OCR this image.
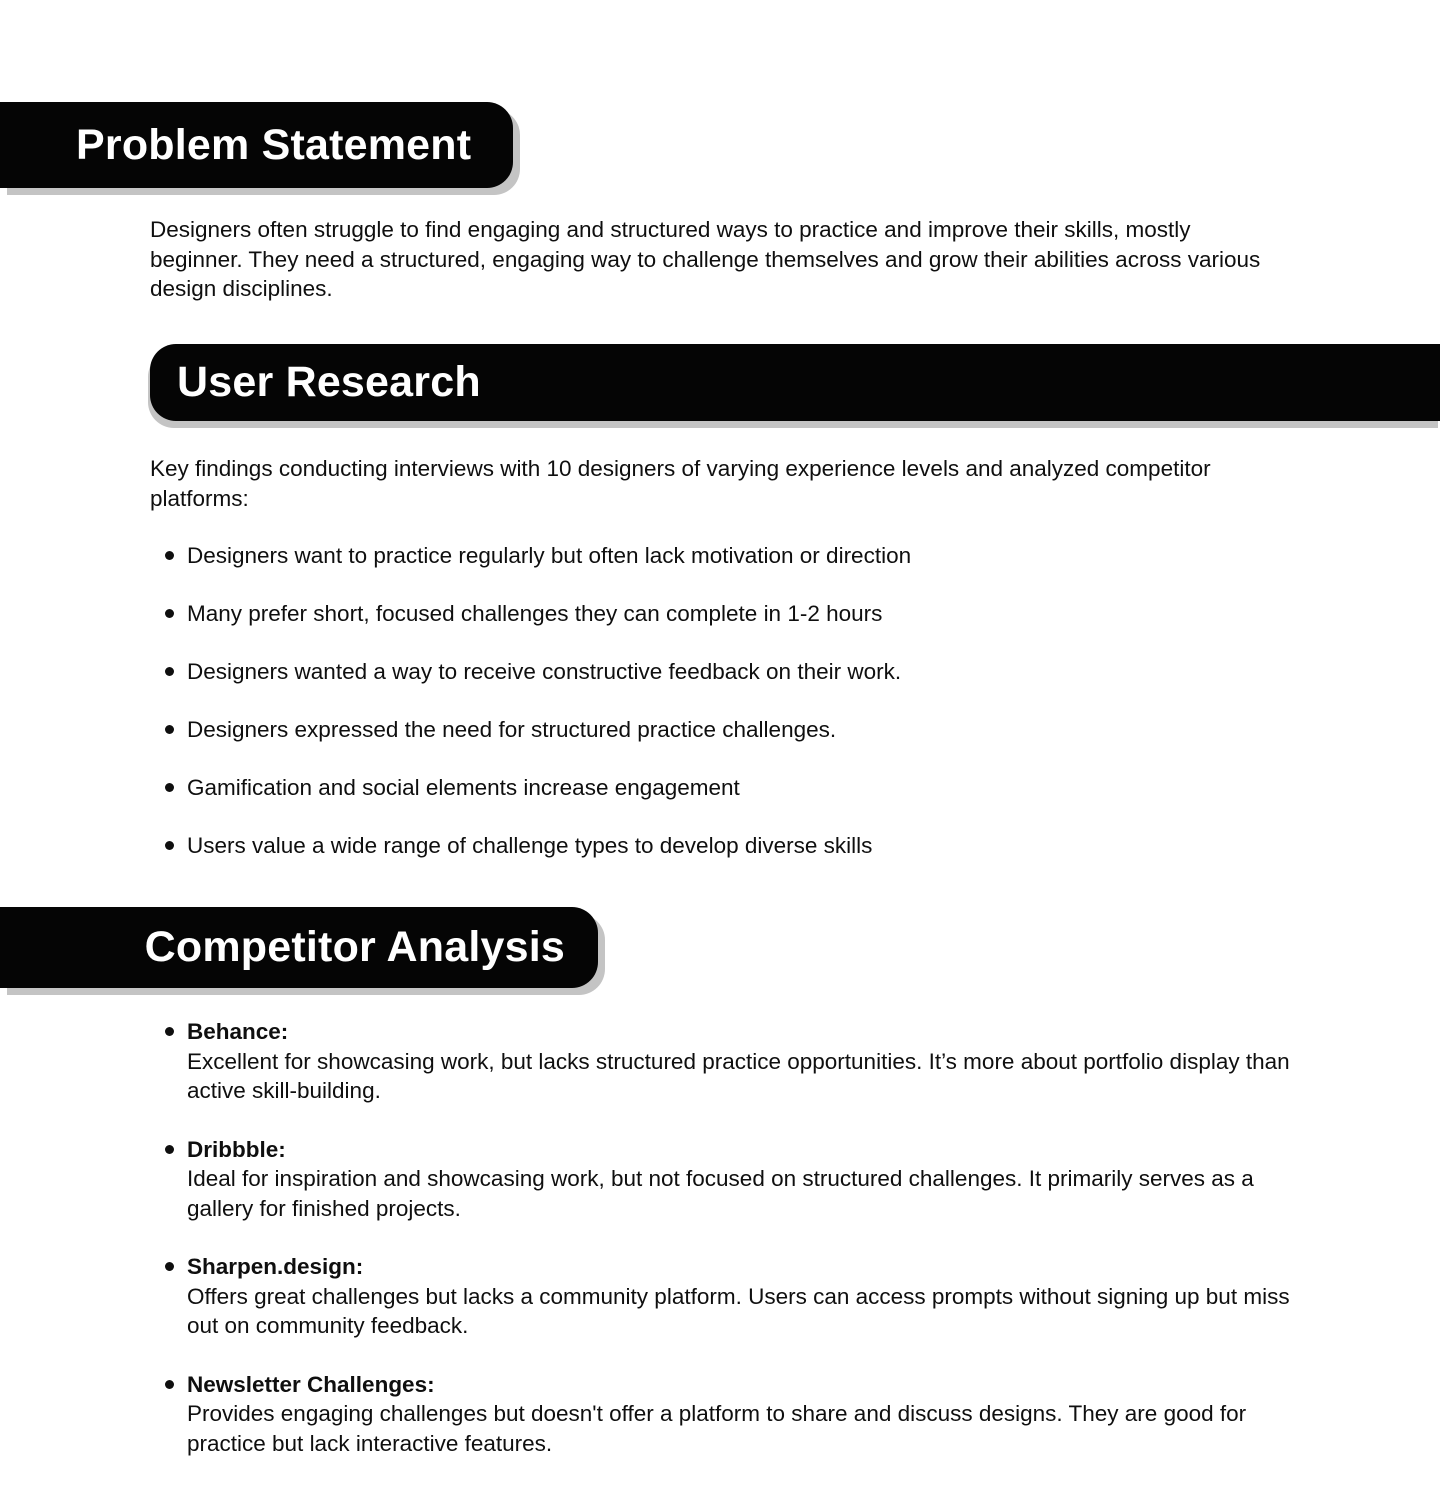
Problem Statement

Designers often struggle to find engaging and structured ways to practice and improve their skills, mostly beginner. They need a structured, engaging way to challenge themselves and grow their abilities across various design disciplines.

User Research

Key findings conducting interviews with 10 designers of varying experience levels and analyzed competitor platforms:

Designers want to practice regularly but often lack motivation or direction
Many prefer short, focused challenges they can complete in 1-2 hours
Designers wanted a way to receive constructive feedback on their work.
Designers expressed the need for structured practice challenges.
Gamification and social elements increase engagement
Users value a wide range of challenge types to develop diverse skills
Competitor Analysis
Behance:
Excellent for showcasing work, but lacks structured practice opportunities. It’s more about portfolio display than active skill-building.
Dribbble:
Ideal for inspiration and showcasing work, but not focused on structured challenges. It primarily serves as a gallery for finished projects.
Sharpen.design:
Offers great challenges but lacks a community platform. Users can access prompts without signing up but miss out on community feedback.
Newsletter Challenges:
Provides engaging challenges but doesn't offer a platform to share and discuss designs. They are good for practice but lack interactive features.
